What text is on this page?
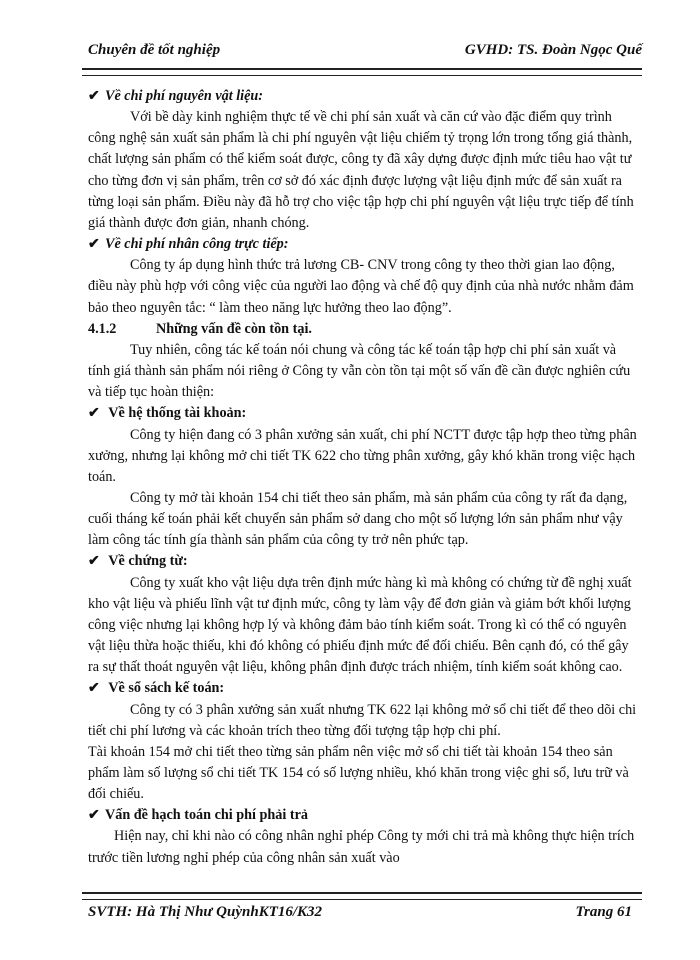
Chuyên đề tốt nghiệp	GVHD: TS. Đoàn Ngọc Quế

✔ Về chi phí nguyên vật liệu:

Với bề dày kinh nghiệm thực tế về chi phí sản xuất và căn cứ vào đặc điểm quy trình công nghệ sản xuất sản phẩm là chi phí nguyên vật liệu chiếm tỷ trọng lớn trong tổng giá thành, chất lượng sản phẩm có thể kiểm soát được, công ty đã xây dựng được định mức tiêu hao vật tư cho từng đơn vị sản phẩm, trên cơ sở đó xác định được lượng vật liệu định mức để sản xuất ra từng loại sản phẩm. Điều này đã hỗ trợ cho việc tập hợp chi phí nguyên vật liệu trực tiếp để tính giá thành được đơn giản, nhanh chóng.

✔ Về chi phí nhân công trực tiếp:

Công ty áp dụng hình thức trả lương CB- CNV trong công ty theo thời gian lao động, điều này phù hợp với công việc của người lao động và chế độ quy định của nhà nước nhằm đảm bảo theo nguyên tắc: “ làm theo năng lực hưởng theo lao động”.

4.1.2	Những vấn đề còn tồn tại.

Tuy nhiên, công tác kế toán nói chung và công tác kế toán tập hợp chi phí sản xuất và tính giá thành sản phẩm nói riêng ở Công ty vẫn còn tồn tại một số vấn đề cần được nghiên cứu và tiếp tục hoàn thiện:

✔ Về hệ thống tài khoản:

Công ty hiện đang có 3 phân xưởng sản xuất, chi phí NCTT được tập hợp theo từng phân xưởng, nhưng lại không mở chi tiết TK 622 cho từng phân xưởng, gây khó khăn trong việc hạch toán.

Công ty mở tài khoản 154 chi tiết theo sản phẩm, mà sản phẩm của công ty rất đa dạng, cuối tháng kế toán phải kết chuyển sản phẩm sở dang cho một số lượng lớn sản phẩm như vậy làm công tác tính gía thành sản phẩm của công ty trở nên phức tạp.

✔ Về chứng từ:

Công ty xuất kho vật liệu dựa trên định mức hàng kì mà không có chứng từ đề nghị xuất kho vật liệu và phiếu lĩnh vật tư định mức, công ty làm vậy để đơn giản và giảm bớt khối lượng công việc nhưng lại không hợp lý và không đảm bảo tính kiểm soát. Trong kì có thể có nguyên vật liệu thừa hoặc thiếu, khi đó không có phiếu định mức để đối chiếu. Bên cạnh đó, có thể gây ra sự thất thoát nguyên vật liệu, không phân định được trách nhiệm, tính kiểm soát không cao.

✔ Về sổ sách kế toán:

Công ty có 3 phân xưởng sản xuất nhưng TK 622 lại không mở sổ chi tiết để theo dõi chi tiết chi phí lương và các khoản trích theo từng đối tượng tập hợp chi phí.

Tài khoản 154 mở chi tiết theo từng sản phẩm nên việc mở sổ chi tiết tài khoản 154 theo sản phẩm làm số lượng sổ chi tiết TK 154 có số lượng nhiều, khó khăn trong việc ghi sổ, lưu trữ và đối chiếu.

✔ Vấn đề hạch toán chi phí phải trả

Hiện nay, chỉ khi nào có công nhân nghỉ phép Công ty mới chi trả mà không thực hiện trích trước tiền lương nghỉ phép của công nhân sản xuất vào

SVTH: Hà Thị Như QuỳnhKT16/K32	Trang 61
